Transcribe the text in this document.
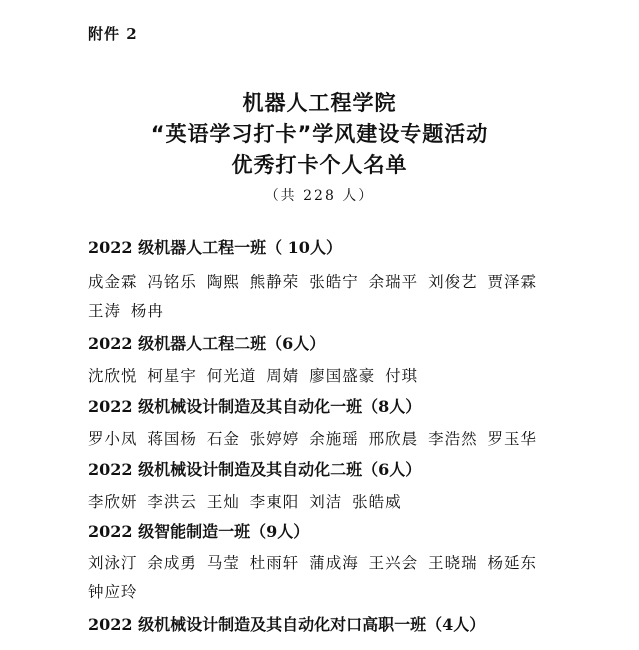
附件 2
机器人工程学院
“英语学习打卡”学风建设专题活动
优秀打卡个人名单
（共 228 人）
2022 级机器人工程一班（ 10人）
成金霖 冯铭乐 陶熙 熊静荣 张皓宁 余瑞平 刘俊艺 贾泽霖 王涛 杨冉
2022 级机器人工程二班（6人）
沈欣悦 柯星宇 何光道 周婧 廖国盛豪 付琪
2022 级机械设计制造及其自动化一班（8人）
罗小凤 蒋国杨 石金 张婷婷 余施瑶 邢欣晨 李浩然 罗玉华
2022 级机械设计制造及其自动化二班（6人）
李欣妍 李洪云 王灿 李東阳 刘洁 张皓威
2022 级智能制造一班（9人）
刘泳汀 余成勇 马莹 杜雨轩 蒲成海 王兴会 王晓瑞 杨延东 钟应玲
2022 级机械设计制造及其自动化对口高职一班（4人）
